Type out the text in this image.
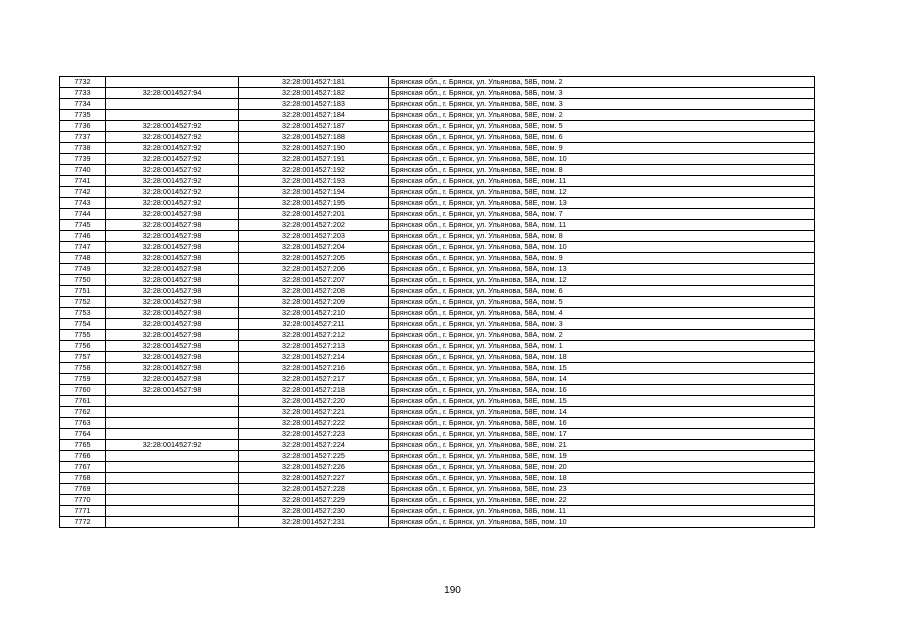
7732		32:28:0014527:181	Брянская обл., г. Брянск, ул. Ульянова, 58Б, пом. 2
7733	32:28:0014527:94	32:28:0014527:182	Брянская обл., г. Брянск, ул. Ульянова, 58Б, пом. 3
7734		32:28:0014527:183	Брянская обл., г. Брянск, ул. Ульянова, 58Е, пом. 3
7735		32:28:0014527:184	Брянская обл., г. Брянск, ул. Ульянова, 58Е, пом. 2
7736	32:28:0014527:92	32:28:0014527:187	Брянская обл., г. Брянск, ул. Ульянова, 58Е, пом. 5
7737	32:28:0014527:92	32:28:0014527:188	Брянская обл., г. Брянск, ул. Ульянова, 58Е, пом. 6
7738	32:28:0014527:92	32:28:0014527:190	Брянская обл., г. Брянск, ул. Ульянова, 58Е, пом. 9
7739	32:28:0014527:92	32:28:0014527:191	Брянская обл., г. Брянск, ул. Ульянова, 58Е, пом. 10
7740	32:28:0014527:92	32:28:0014527:192	Брянская обл., г. Брянск, ул. Ульянова, 58Е, пом. 8
7741	32:28:0014527:92	32:28:0014527:193	Брянская обл., г. Брянск, ул. Ульянова, 58Е, пом. 11
7742	32:28:0014527:92	32:28:0014527:194	Брянская обл., г. Брянск, ул. Ульянова, 58Е, пом. 12
7743	32:28:0014527:92	32:28:0014527:195	Брянская обл., г. Брянск, ул. Ульянова, 58Е, пом. 13
7744	32:28:0014527:98	32:28:0014527:201	Брянская обл., г. Брянск, ул. Ульянова, 58А, пом. 7
7745	32:28:0014527:98	32:28:0014527:202	Брянская обл., г. Брянск, ул. Ульянова, 58А, пом. 11
7746	32:28:0014527:98	32:28:0014527:203	Брянская обл., г. Брянск, ул. Ульянова, 58А, пом. 8
7747	32:28:0014527:98	32:28:0014527:204	Брянская обл., г. Брянск, ул. Ульянова, 58А, пом. 10
7748	32:28:0014527:98	32:28:0014527:205	Брянская обл., г. Брянск, ул. Ульянова, 58А, пом. 9
7749	32:28:0014527:98	32:28:0014527:206	Брянская обл., г. Брянск, ул. Ульянова, 58А, пом. 13
7750	32:28:0014527:98	32:28:0014527:207	Брянская обл., г. Брянск, ул. Ульянова, 58А, пом. 12
7751	32:28:0014527:98	32:28:0014527:208	Брянская обл., г. Брянск, ул. Ульянова, 58А, пом. 6
7752	32:28:0014527:98	32:28:0014527:209	Брянская обл., г. Брянск, ул. Ульянова, 58А, пом. 5
7753	32:28:0014527:98	32:28:0014527:210	Брянская обл., г. Брянск, ул. Ульянова, 58А, пом. 4
7754	32:28:0014527:98	32:28:0014527:211	Брянская обл., г. Брянск, ул. Ульянова, 58А, пом. 3
7755	32:28:0014527:98	32:28:0014527:212	Брянская обл., г. Брянск, ул. Ульянова, 58А, пом. 2
7756	32:28:0014527:98	32:28:0014527:213	Брянская обл., г. Брянск, ул. Ульянова, 58А, пом. 1
7757	32:28:0014527:98	32:28:0014527:214	Брянская обл., г. Брянск, ул. Ульянова, 58А, пом. 18
7758	32:28:0014527:98	32:28:0014527:216	Брянская обл., г. Брянск, ул. Ульянова, 58А, пом. 15
7759	32:28:0014527:98	32:28:0014527:217	Брянская обл., г. Брянск, ул. Ульянова, 58А, пом. 14
7760	32:28:0014527:98	32:28:0014527:218	Брянская обл., г. Брянск, ул. Ульянова, 58А, пом. 16
7761		32:28:0014527:220	Брянская обл., г. Брянск, ул. Ульянова, 58Е, пом. 15
7762		32:28:0014527:221	Брянская обл., г. Брянск, ул. Ульянова, 58Е, пом. 14
7763		32:28:0014527:222	Брянская обл., г. Брянск, ул. Ульянова, 58Е, пом. 16
7764		32:28:0014527:223	Брянская обл., г. Брянск, ул. Ульянова, 58Е, пом. 17
7765	32:28:0014527:92	32:28:0014527:224	Брянская обл., г. Брянск, ул. Ульянова, 58Е, пом. 21
7766		32:28:0014527:225	Брянская обл., г. Брянск, ул. Ульянова, 58Е, пом. 19
7767		32:28:0014527:226	Брянская обл., г. Брянск, ул. Ульянова, 58Е, пом. 20
7768		32:28:0014527:227	Брянская обл., г. Брянск, ул. Ульянова, 58Е, пом. 18
7769		32:28:0014527:228	Брянская обл., г. Брянск, ул. Ульянова, 58Е, пом. 23
7770		32:28:0014527:229	Брянская обл., г. Брянск, ул. Ульянова, 58Е, пом. 22
7771		32:28:0014527:230	Брянская обл., г. Брянск, ул. Ульянова, 58Б, пом. 11
7772		32:28:0014527:231	Брянская обл., г. Брянск, ул. Ульянова, 58Б, пом. 10
190
